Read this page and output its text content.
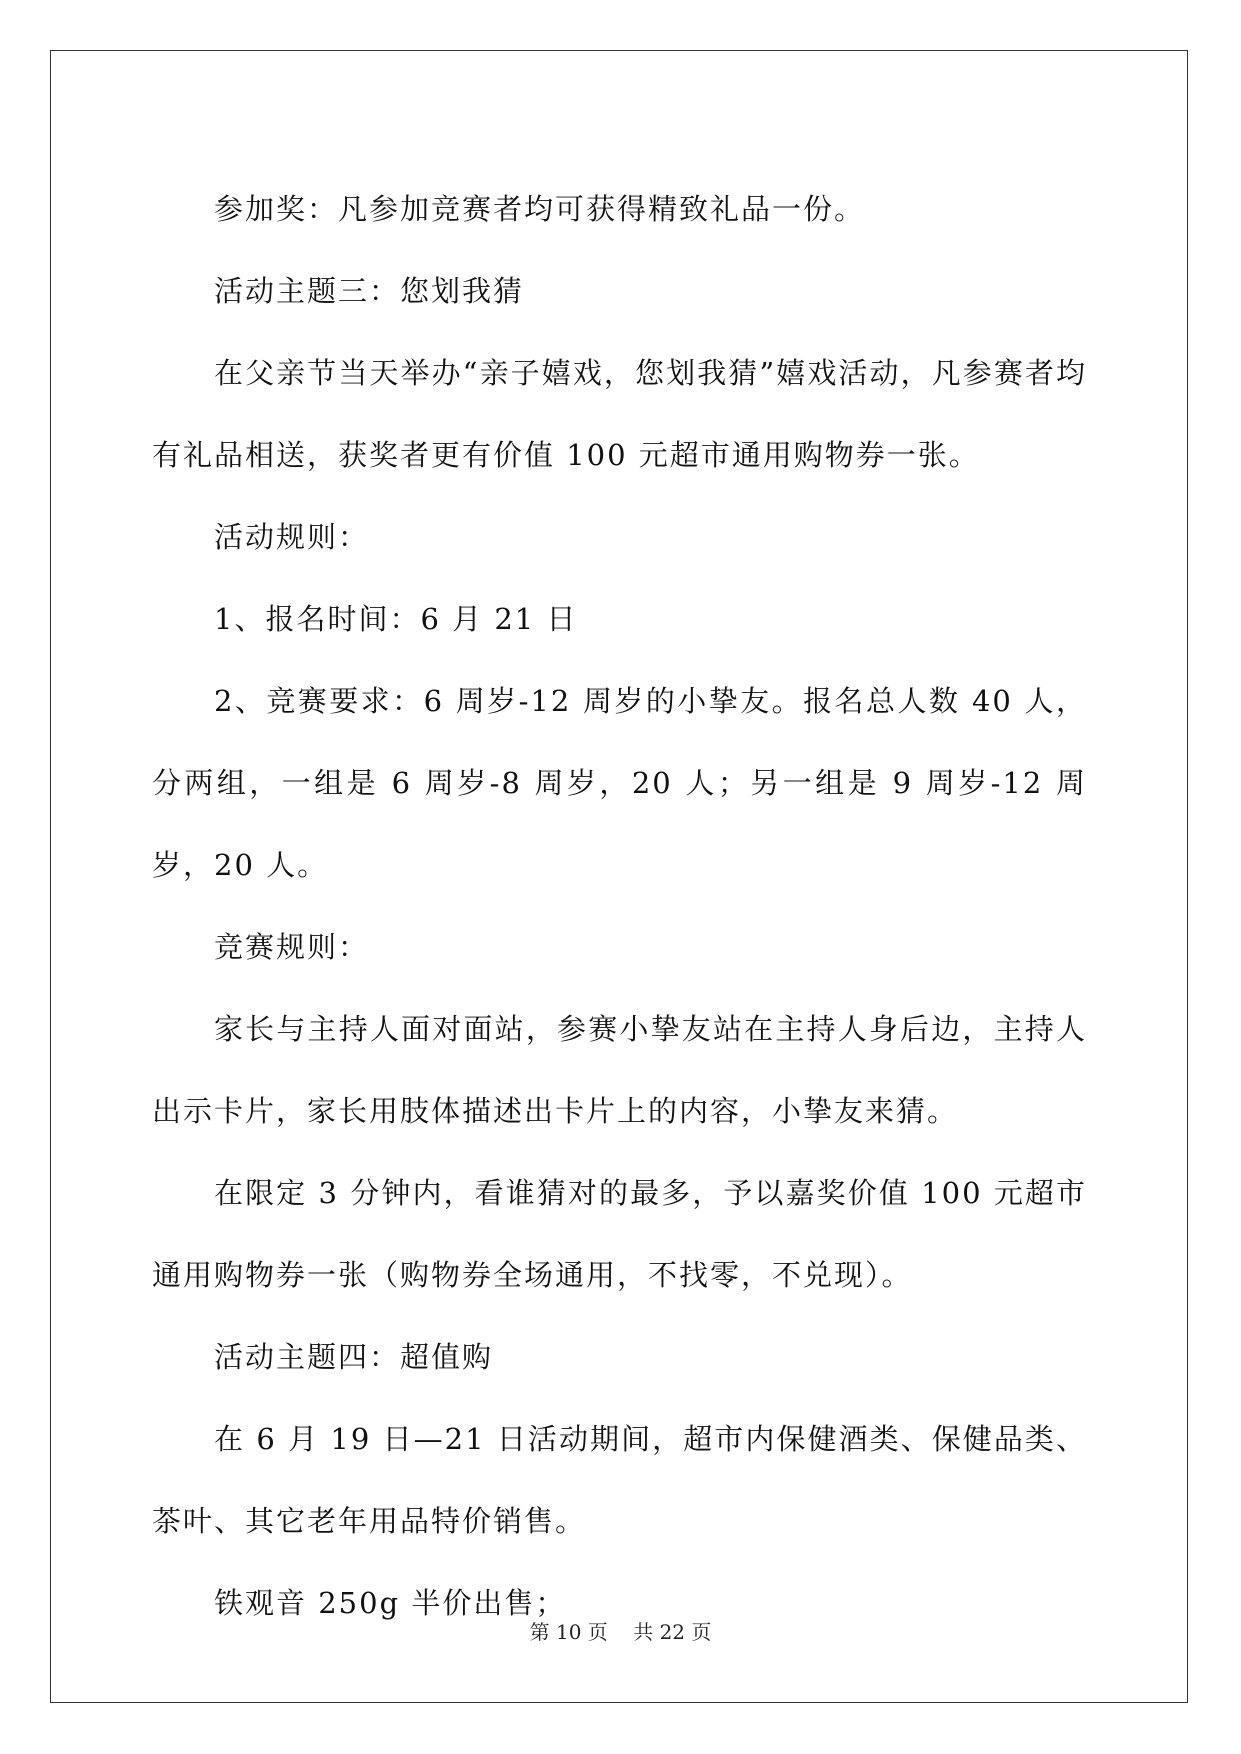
参加奖：凡参加竞赛者均可获得精致礼品一份。

活动主题三：您划我猜

在父亲节当天举办“亲子嬉戏，您划我猜”嬉戏活动，凡参赛者均有礼品相送，获奖者更有价值 100 元超市通用购物券一张。

活动规则：

1、报名时间：6 月 21 日

2、竞赛要求：6 周岁-12 周岁的小挚友。报名总人数 40 人，分两组，一组是 6 周岁-8 周岁，20 人；另一组是 9 周岁-12 周岁，20 人。

竞赛规则：

家长与主持人面对面站，参赛小挚友站在主持人身后边，主持人出示卡片，家长用肢体描述出卡片上的内容，小挚友来猜。

在限定 3 分钟内，看谁猜对的最多，予以嘉奖价值 100 元超市通用购物券一张（购物券全场通用，不找零，不兑现）。

活动主题四：超值购

在 6 月 19 日—21 日活动期间，超市内保健酒类、保健品类、茶叶、其它老年用品特价销售。

铁观音 250g 半价出售；

第 10 页 共 22 页
